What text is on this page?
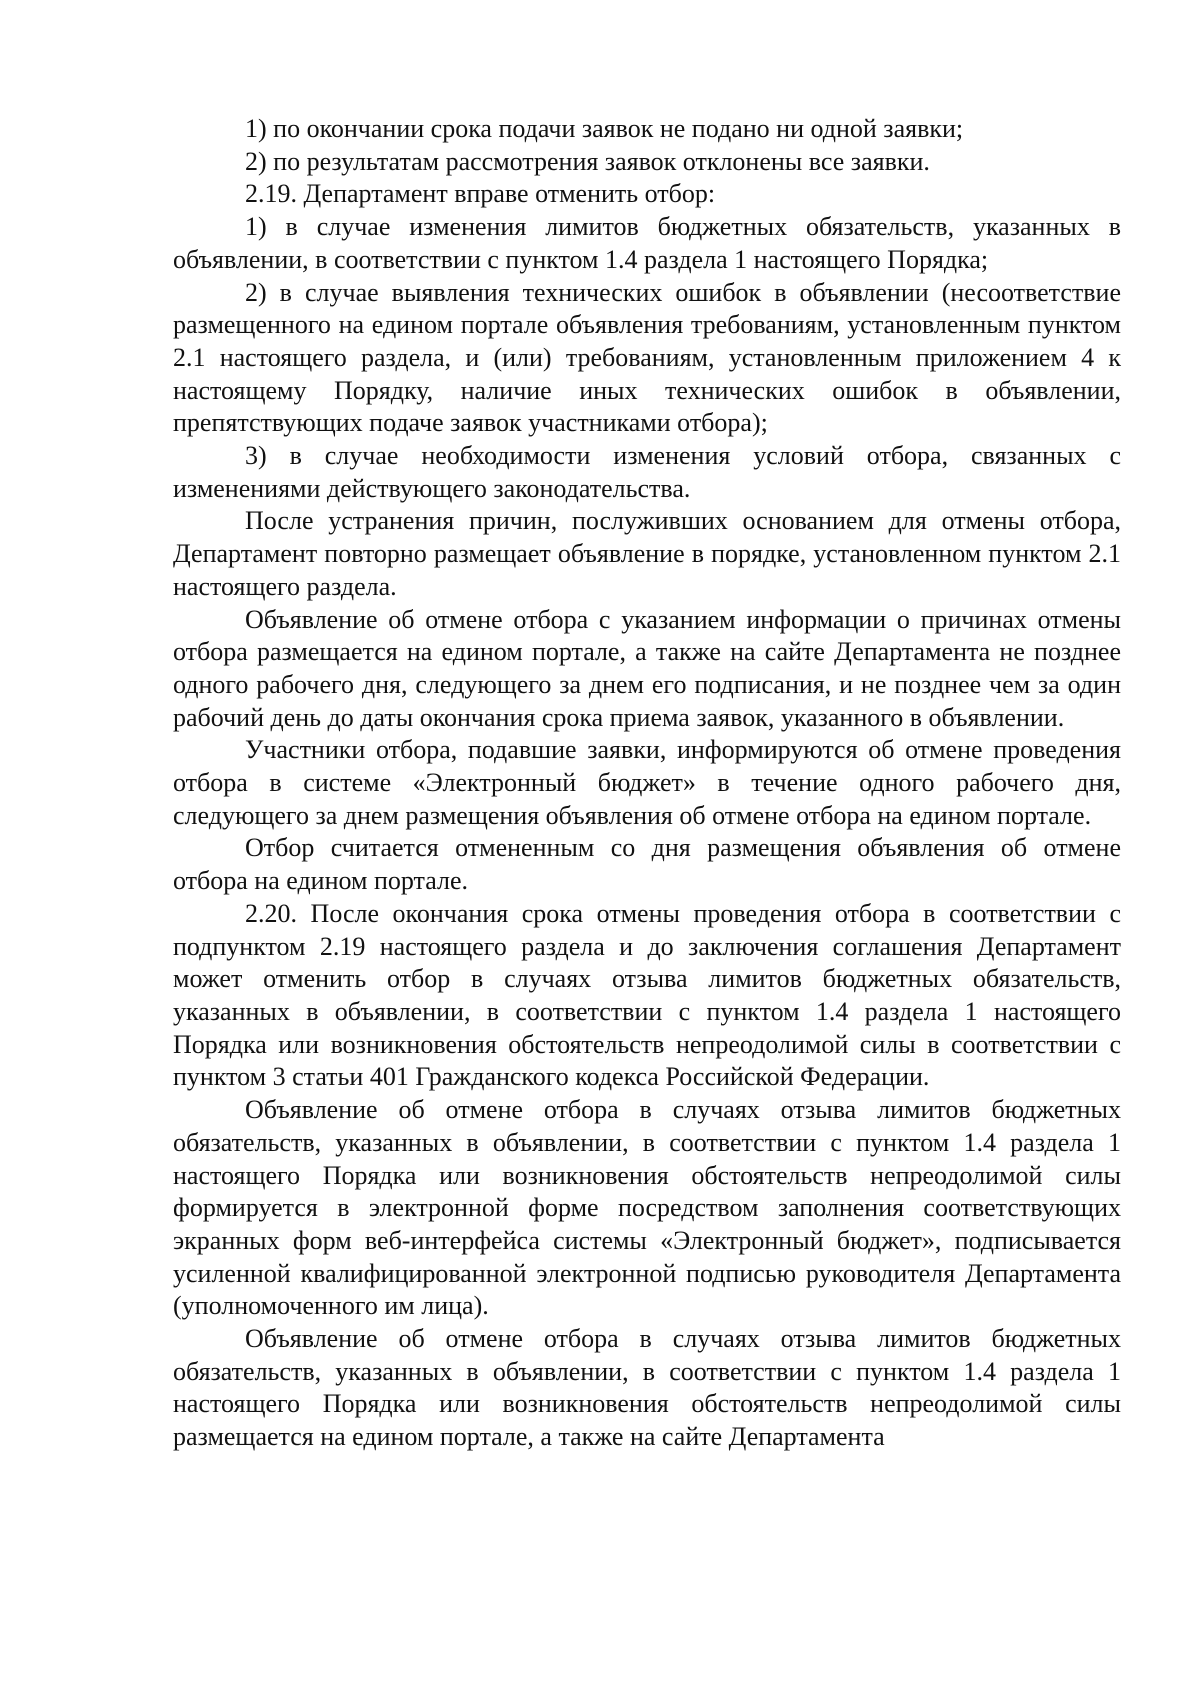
1) по окончании срока подачи заявок не подано ни одной заявки;

2) по результатам рассмотрения заявок отклонены все заявки.

2.19. Департамент вправе отменить отбор:

1) в случае изменения лимитов бюджетных обязательств, указанных в объявлении, в соответствии с пунктом 1.4 раздела 1 настоящего Порядка;

2) в случае выявления технических ошибок в объявлении (несоответствие размещенного на едином портале объявления требованиям, установленным пунктом 2.1 настоящего раздела, и (или) требованиям, установленным приложением 4 к настоящему Порядку, наличие иных технических ошибок в объявлении, препятствующих подаче заявок участниками отбора);

3) в случае необходимости изменения условий отбора, связанных с изменениями действующего законодательства.

После устранения причин, послуживших основанием для отмены отбора, Департамент повторно размещает объявление в порядке, установленном пунктом 2.1 настоящего раздела.

Объявление об отмене отбора с указанием информации о причинах отмены отбора размещается на едином портале, а также на сайте Департамента не позднее одного рабочего дня, следующего за днем его подписания, и не позднее чем за один рабочий день до даты окончания срока приема заявок, указанного в объявлении.

Участники отбора, подавшие заявки, информируются об отмене проведения отбора в системе «Электронный бюджет» в течение одного рабочего дня, следующего за днем размещения объявления об отмене отбора на едином портале.

Отбор считается отмененным со дня размещения объявления об отмене отбора на едином портале.

2.20. После окончания срока отмены проведения отбора в соответствии с подпунктом 2.19 настоящего раздела и до заключения соглашения Департамент может отменить отбор в случаях отзыва лимитов бюджетных обязательств, указанных в объявлении, в соответствии с пунктом 1.4 раздела 1 настоящего Порядка или возникновения обстоятельств непреодолимой силы в соответствии с пунктом 3 статьи 401 Гражданского кодекса Российской Федерации.

Объявление об отмене отбора в случаях отзыва лимитов бюджетных обязательств, указанных в объявлении, в соответствии с пунктом 1.4 раздела 1 настоящего Порядка или возникновения обстоятельств непреодолимой силы формируется в электронной форме посредством заполнения соответствующих экранных форм веб-интерфейса системы «Электронный бюджет», подписывается усиленной квалифицированной электронной подписью руководителя Департамента (уполномоченного им лица).

Объявление об отмене отбора в случаях отзыва лимитов бюджетных обязательств, указанных в объявлении, в соответствии с пунктом 1.4 раздела 1 настоящего Порядка или возникновения обстоятельств непреодолимой силы размещается на едином портале, а также на сайте Департамента
